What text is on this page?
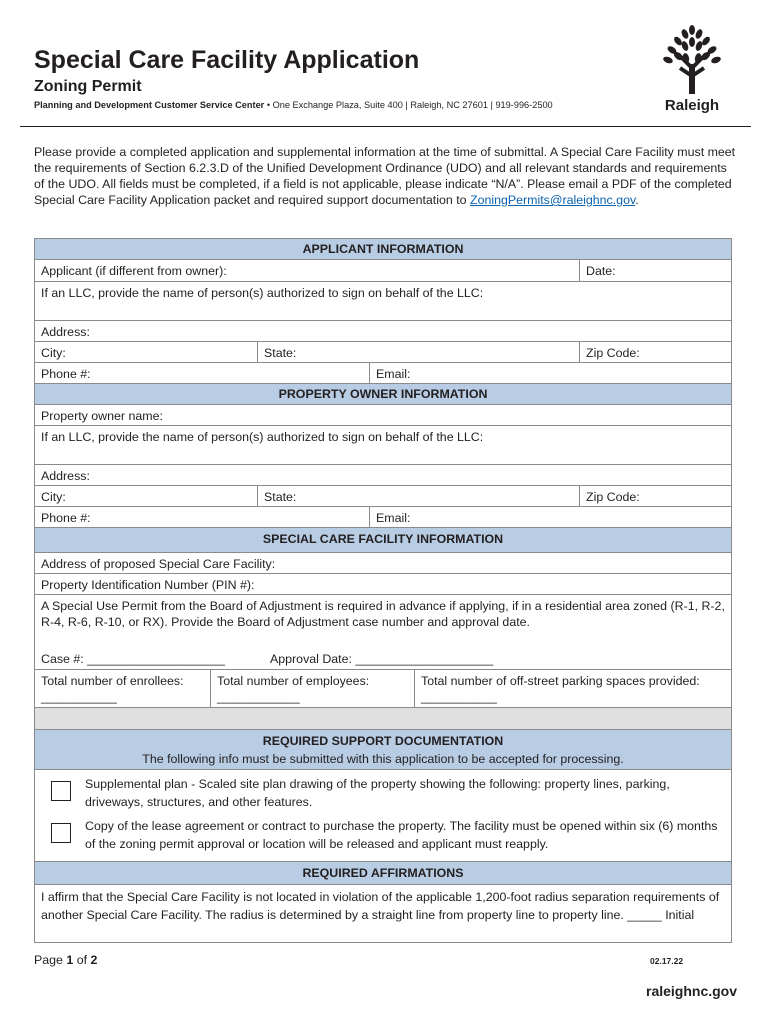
Special Care Facility Application
Zoning Permit
Planning and Development Customer Service Center • One Exchange Plaza, Suite 400 | Raleigh, NC 27601 | 919-996-2500	Raleigh

Please provide a completed application and supplemental information at the time of submittal. A Special Care Facility must meet the requirements of Section 6.2.3.D of the Unified Development Ordinance (UDO) and all relevant standards and requirements of the UDO. All fields must be completed, if a field is not applicable, please indicate “N/A”. Please email a PDF of the completed Special Care Facility Application packet and required support documentation to ZoningPermits@raleighnc.gov.

APPLICANT INFORMATION
Applicant (if different from owner):	Date:
If an LLC, provide the name of person(s) authorized to sign on behalf of the LLC:
Address:
City:	State:	Zip Code:
Phone #:	Email:
PROPERTY OWNER INFORMATION
Property owner name:
If an LLC, provide the name of person(s) authorized to sign on behalf of the LLC:
Address:
City:	State:	Zip Code:
Phone #:	Email:
SPECIAL CARE FACILITY INFORMATION
Address of proposed Special Care Facility:
Property Identification Number (PIN #):
A Special Use Permit from the Board of Adjustment is required in advance if applying, if in a residential area zoned (R-1, R-2, R-4, R-6, R-10, or RX). Provide the Board of Adjustment case number and approval date.
Case #: ____________________	Approval Date: ____________________
Total number of enrollees:
___________
Total number of employees:
____________
Total number of off-street parking spaces provided:
___________
REQUIRED SUPPORT DOCUMENTATION
The following info must be submitted with this application to be accepted for processing.
Supplemental plan - Scaled site plan drawing of the property showing the following: property lines, parking, driveways, structures, and other features.
Copy of the lease agreement or contract to purchase the property. The facility must be opened within six (6) months of the zoning permit approval or location will be released and applicant must reapply.
REQUIRED AFFIRMATIONS
I affirm that the Special Care Facility is not located in violation of the applicable 1,200-foot radius separation requirements of another Special Care Facility. The radius is determined by a straight line from property line to property line. _____ Initial
Page 1 of 2	02.17.22
raleighnc.gov
